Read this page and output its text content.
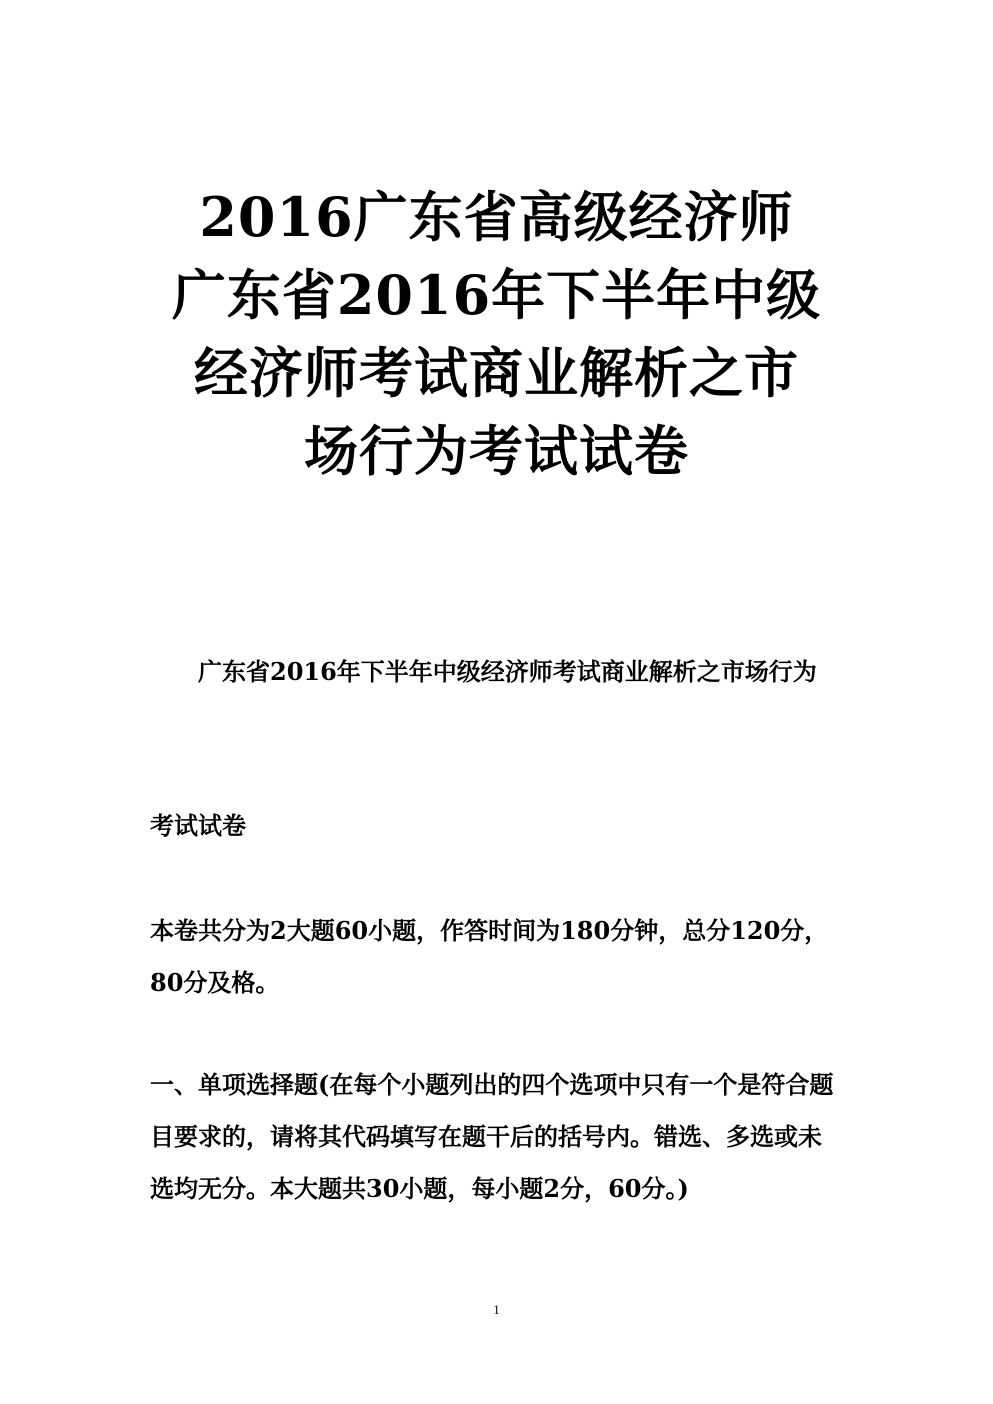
2016广东省高级经济师
广东省2016年下半年中级
经济师考试商业解析之市
场行为考试试卷

广东省2016年下半年中级经济师考试商业解析之市场行为

考试试卷

本卷共分为2大题60小题，作答时间为180分钟，总分120分，80分及格。

一、单项选择题(在每个小题列出的四个选项中只有一个是符合题目要求的，请将其代码填写在题干后的括号内。错选、多选或未选均无分。本大题共30小题，每小题2分，60分。)

1
